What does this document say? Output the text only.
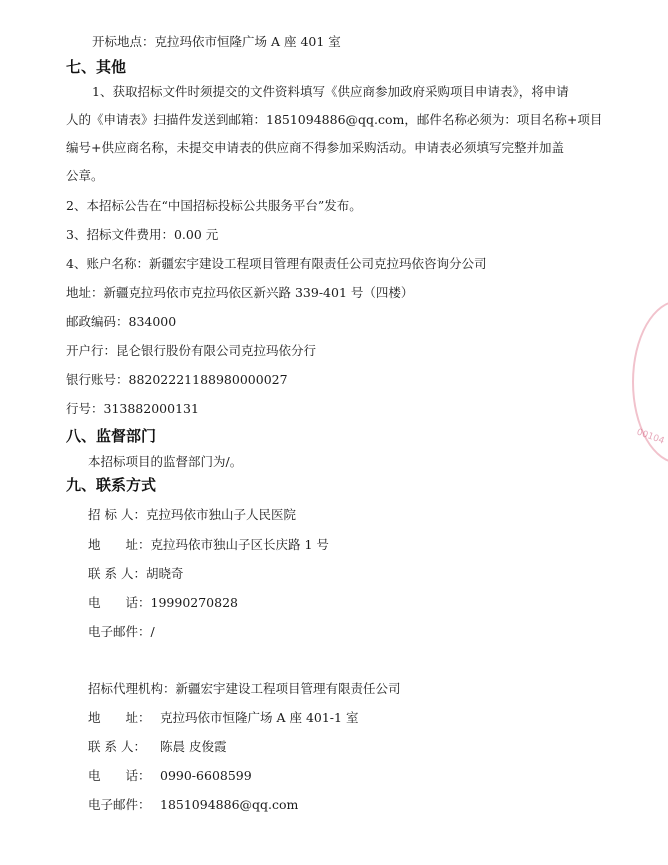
开标地点：克拉玛依市恒隆广场 A 座 401 室
七、其他
1、获取招标文件时须提交的文件资料填写《供应商参加政府采购项目申请表》，将申请
人的《申请表》扫描件发送到邮箱：1851094886@qq.com，邮件名称必须为：项目名称+项目
编号+供应商名称，未提交申请表的供应商不得参加采购活动。申请表必须填写完整并加盖
公章。
2、本招标公告在“中国招标投标公共服务平台”发布。
3、招标文件费用：0.00 元
4、账户名称：新疆宏宇建设工程项目管理有限责任公司克拉玛依咨询分公司
地址：新疆克拉玛依市克拉玛依区新兴路 339-401 号（四楼）
邮政编码：834000
开户行：昆仑银行股份有限公司克拉玛依分行
银行账号：88202221188980000027
行号：313882000131
八、监督部门
本招标项目的监督部门为/。
九、联系方式
招 标 人：克拉玛依市独山子人民医院
地　　址：克拉玛依市独山子区长庆路 1 号
联 系 人：胡晓奇
电　　话：19990270828
电子邮件：/
招标代理机构：新疆宏宇建设工程项目管理有限责任公司
地　　址： 克拉玛依市恒隆广场 A 座 401-1 室
联 系 人： 陈晨 皮俊霞
电　　话： 0990-6608599
电子邮件： 1851094886@qq.com
00104
